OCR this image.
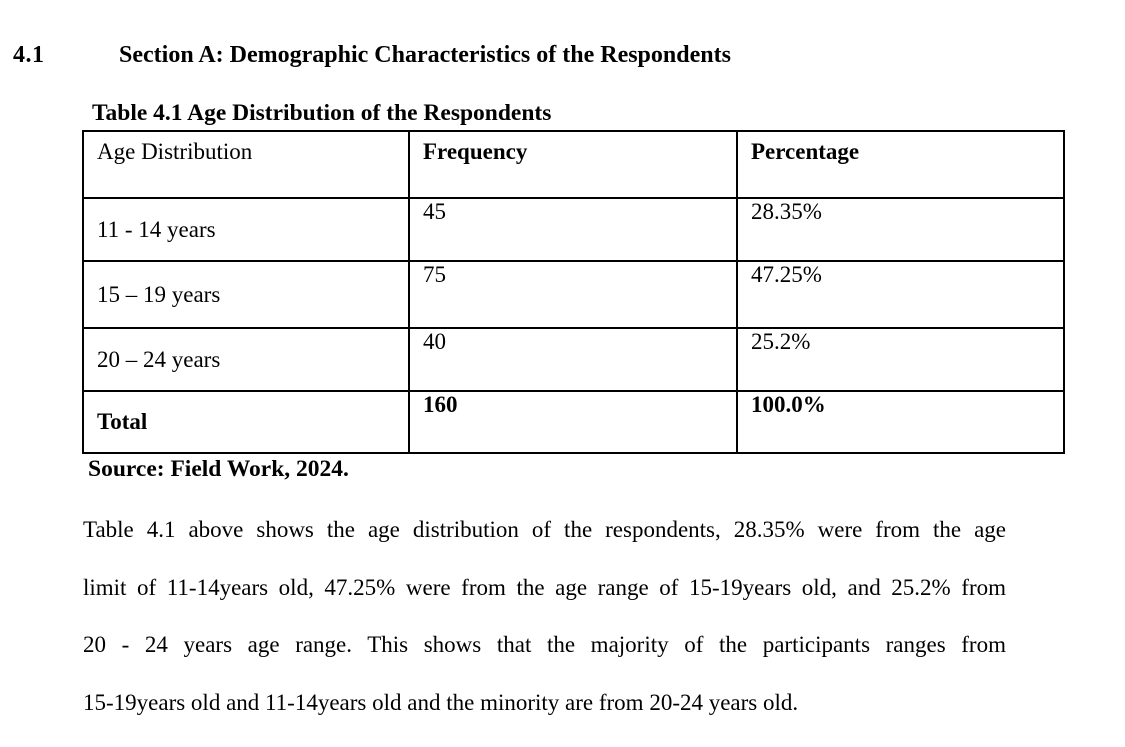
4.1	Section A: Demographic Characteristics of the Respondents
Table 4.1 Age Distribution of the Respondents
Age Distribution	Frequency	Percentage
11 - 14 years	45	28.35%
15 – 19 years	75	47.25%
20 – 24 years	40	25.2%
Total	160	100.0%
Source: Field Work, 2024.
Table 4.1 above shows the age distribution of the respondents, 28.35% were from the age
limit of 11-14years old, 47.25% were from the age range of 15-19years old, and 25.2% from
20 - 24 years age range. This shows that the majority of the participants ranges from
15-19years old and 11-14years old and the minority are from 20-24 years old.
